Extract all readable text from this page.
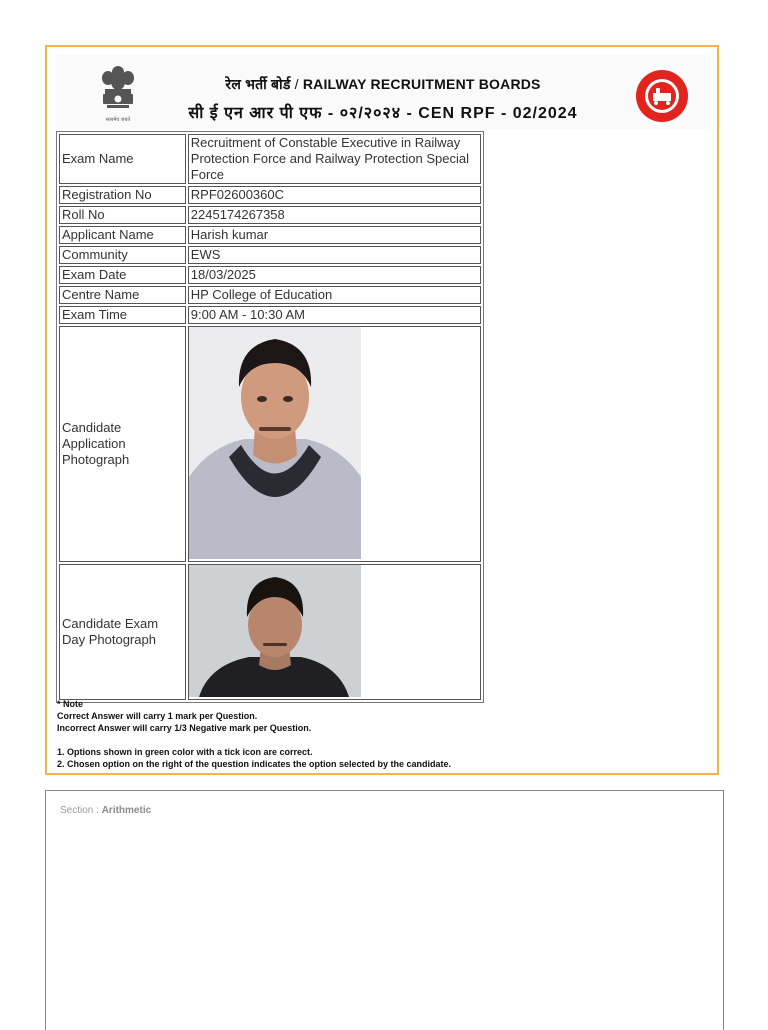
सत्यमेव जयते
रेल भर्ती बोर्ड / RAILWAY RECRUITMENT BOARDS
सी ई एन आर पी एफ - ०२/२०२४ - CEN RPF - 02/2024
Exam Name	Recruitment of Constable Executive in Railway Protection Force and Railway Protection Special Force
Registration No	RPF02600360C
Roll No	2245174267358
Applicant Name	Harish kumar
Community	EWS
Exam Date	18/03/2025
Centre Name	HP College of Education
Exam Time	9:00 AM - 10:30 AM
Candidate Application Photograph	

Candidate Exam Day Photograph	
* Note
Correct Answer will carry 1 mark per Question.
Incorrect Answer will carry 1/3 Negative mark per Question.
1. Options shown in green color with a tick icon are correct.
2. Chosen option on the right of the question indicates the option selected by the candidate.
Section : Arithmetic
